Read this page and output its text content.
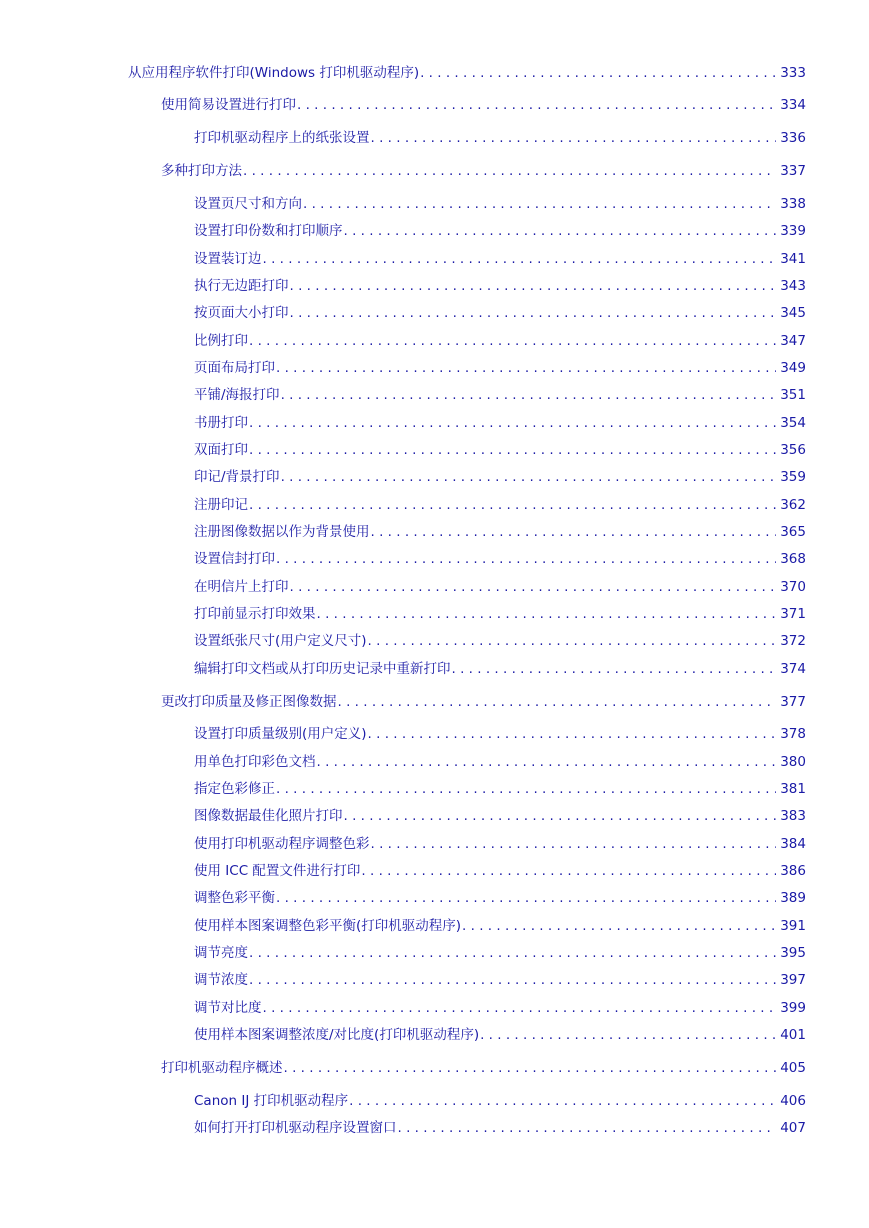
从应用程序软件打印(Windows 打印机驱动程序) . . .	333
使用简易设置进行打印 . . .	334
打印机驱动程序上的纸张设置 . . .	336
多种打印方法 . . .	337
设置页尺寸和方向 . . .	338
设置打印份数和打印顺序 . . .	339
设置装订边 . . .	341
执行无边距打印 . . .	343
按页面大小打印 . . .	345
比例打印 . . .	347
页面布局打印 . . .	349
平铺/海报打印 . . .	351
书册打印 . . .	354
双面打印 . . .	356
印记/背景打印 . . .	359
注册印记 . . .	362
注册图像数据以作为背景使用 . . .	365
设置信封打印 . . .	368
在明信片上打印 . . .	370
打印前显示打印效果 . . .	371
设置纸张尺寸(用户定义尺寸) . . .	372
编辑打印文档或从打印历史记录中重新打印 . . .	374
更改打印质量及修正图像数据 . . .	377
设置打印质量级别(用户定义) . . .	378
用单色打印彩色文档 . . .	380
指定色彩修正 . . .	381
图像数据最佳化照片打印 . . .	383
使用打印机驱动程序调整色彩 . . .	384
使用 ICC 配置文件进行打印 . . .	386
调整色彩平衡 . . .	389
使用样本图案调整色彩平衡(打印机驱动程序) . . .	391
调节亮度 . . .	395
调节浓度 . . .	397
调节对比度 . . .	399
使用样本图案调整浓度/对比度(打印机驱动程序) . . .	401
打印机驱动程序概述 . . .	405
Canon IJ 打印机驱动程序 . . .	406
如何打开打印机驱动程序设置窗口 . . .	407
